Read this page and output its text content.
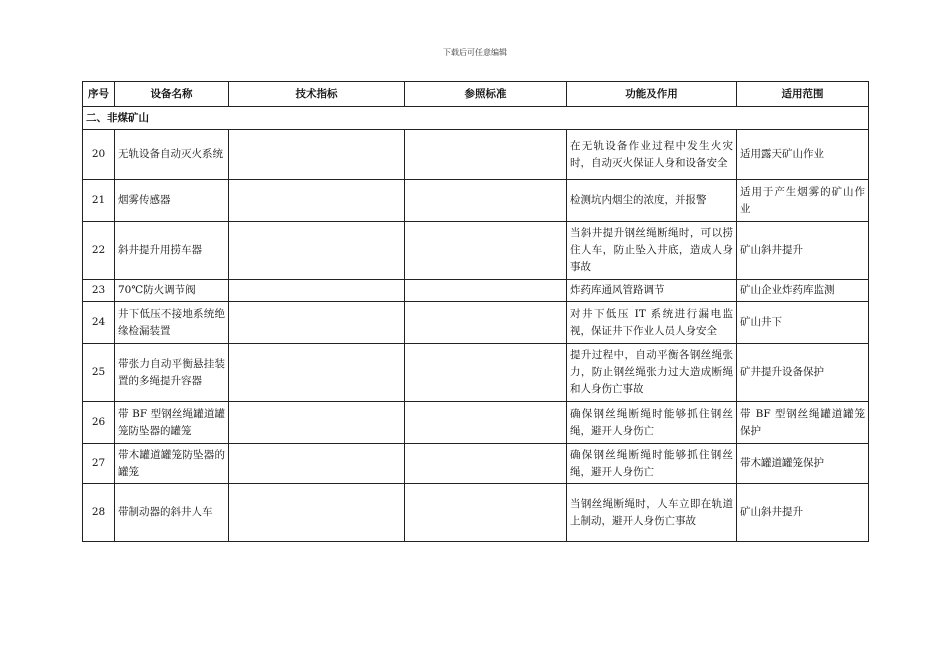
下载后可任意编辑
序号	设备名称	技术指标	参照标准	功能及作用	适用范围
二、非煤矿山					
20	无轨设备自动灭火系统			在无轨设备作业过程中发生火灾时，自动灭火保证人身和设备安全	适用露天矿山作业
21	烟雾传感器			检测坑内烟尘的浓度，并报警	适用于产生烟雾的矿山作业
22	斜井提升用捞车器			当斜井提升钢丝绳断绳时，可以捞住人车，防止坠入井底，造成人身事故	矿山斜井提升
23	70℃防火调节阀			炸药库通风管路调节	矿山企业炸药库监测
24	井下低压不接地系统绝缘检漏装置			对井下低压 IT 系统进行漏电监视，保证井下作业人员人身安全	矿山井下
25	带张力自动平衡悬挂装置的多绳提升容器			提升过程中，自动平衡各钢丝绳张力，防止钢丝绳张力过大造成断绳和人身伤亡事故	矿井提升设备保护
26	带 BF 型钢丝绳罐道罐笼防坠器的罐笼			确保钢丝绳断绳时能够抓住钢丝绳，避开人身伤亡	带 BF 型钢丝绳罐道罐笼保护
27	带木罐道罐笼防坠器的罐笼			确保钢丝绳断绳时能够抓住钢丝绳，避开人身伤亡	带木罐道罐笼保护
28	带制动器的斜井人车			当钢丝绳断绳时，人车立即在轨道上制动，避开人身伤亡事故	矿山斜井提升
